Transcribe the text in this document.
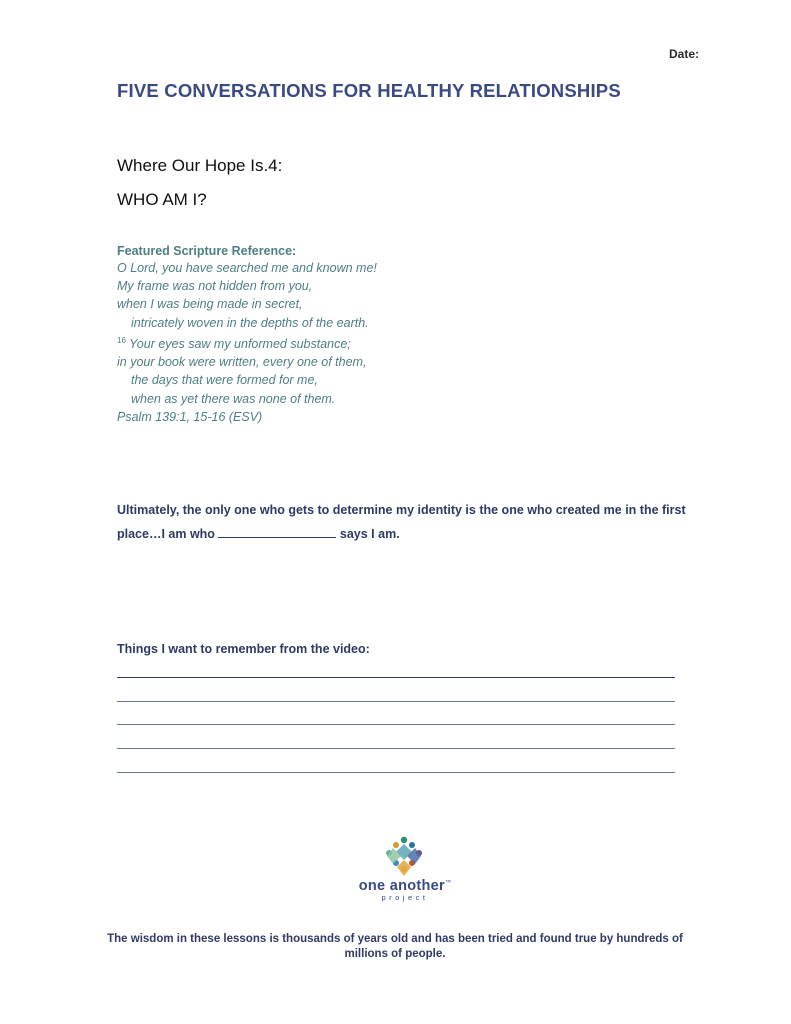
Date:
FIVE CONVERSATIONS FOR HEALTHY RELATIONSHIPS
Where Our Hope Is.4:
WHO AM I?
Featured Scripture Reference:
O Lord, you have searched me and known me!
My frame was not hidden from you,
when I was being made in secret,
intricately woven in the depths of the earth.
$^{16}$ Your eyes saw my unformed substance;
in your book were written, every one of them,
the days that were formed for me,
when as yet there was none of them.
Psalm 139:1, 15-16 (ESV)
Ultimately, the only one who gets to determine my identity is the one who created me in the first place…I am who	says I am.
Things I want to remember from the video:
one another™
project
The wisdom in these lessons is thousands of years old and has been tried and found true by hundreds of millions of people.
